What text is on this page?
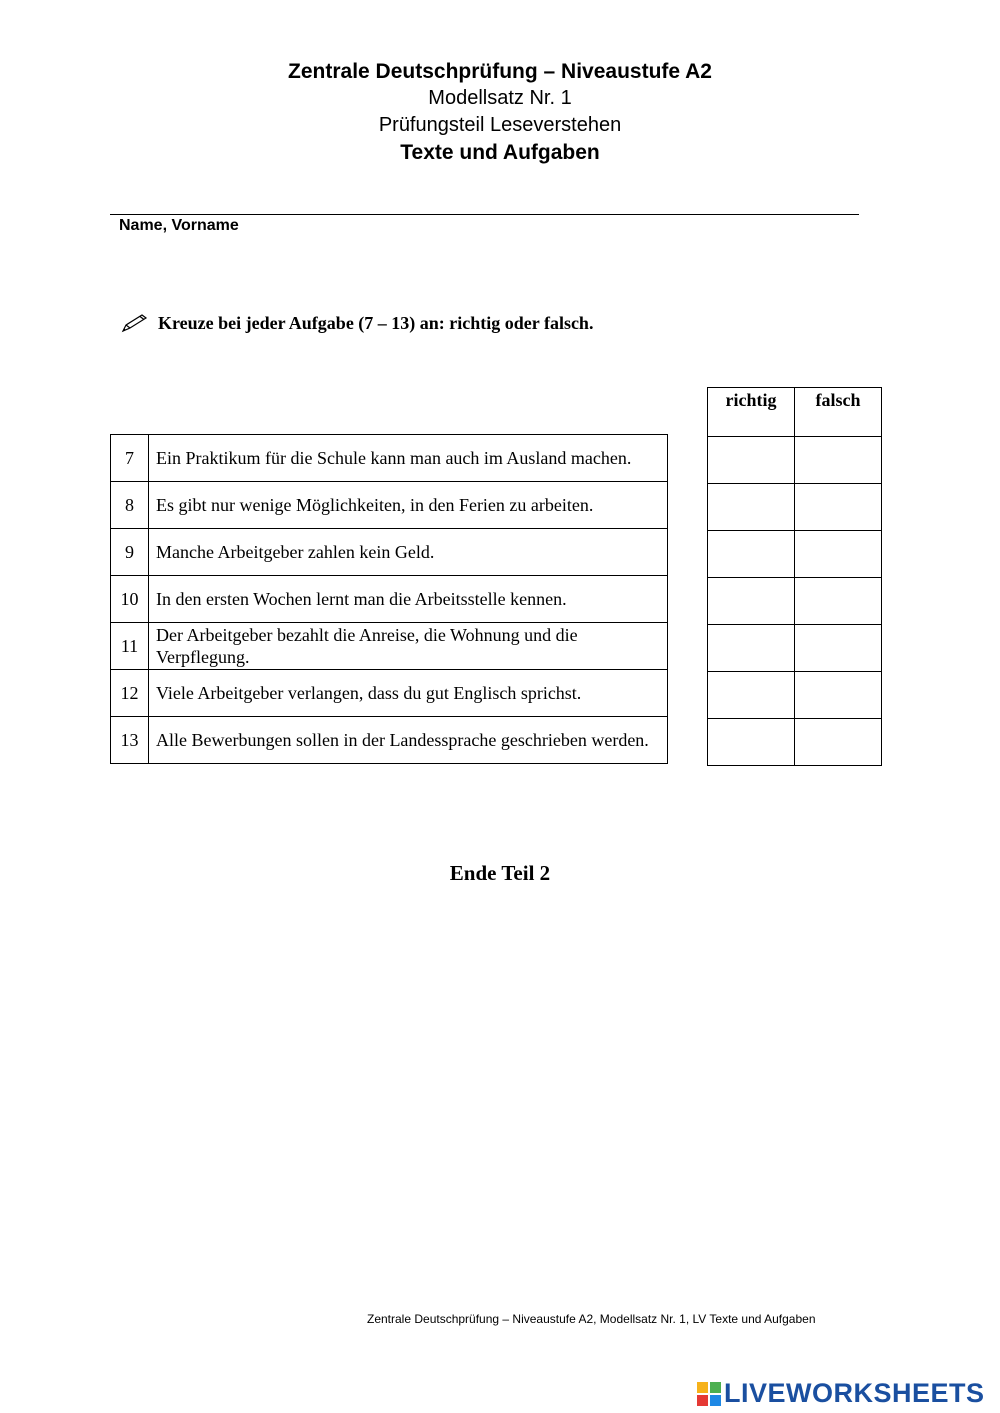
Zentrale Deutschprüfung – Niveaustufe A2
Modellsatz Nr. 1
Prüfungsteil Leseverstehen
Texte und Aufgaben
Name, Vorname
Kreuze bei jeder Aufgabe (7 – 13) an: richtig oder falsch.
7	Ein Praktikum für die Schule kann man auch im Ausland machen.
8	Es gibt nur wenige Möglichkeiten, in den Ferien zu arbeiten.
9	Manche Arbeitgeber zahlen kein Geld.
10	In den ersten Wochen lernt man die Arbeitsstelle kennen.
11	Der Arbeitgeber bezahlt die Anreise, die Wohnung und die Verpflegung.
12	Viele Arbeitgeber verlangen, dass du gut Englisch sprichst.
13	Alle Bewerbungen sollen in der Landessprache geschrieben werden.
richtig	falsch

Ende Teil 2
Zentrale Deutschprüfung – Niveaustufe A2, Modellsatz Nr. 1, LV Texte und Aufgaben
LIVEWORKSHEETS
